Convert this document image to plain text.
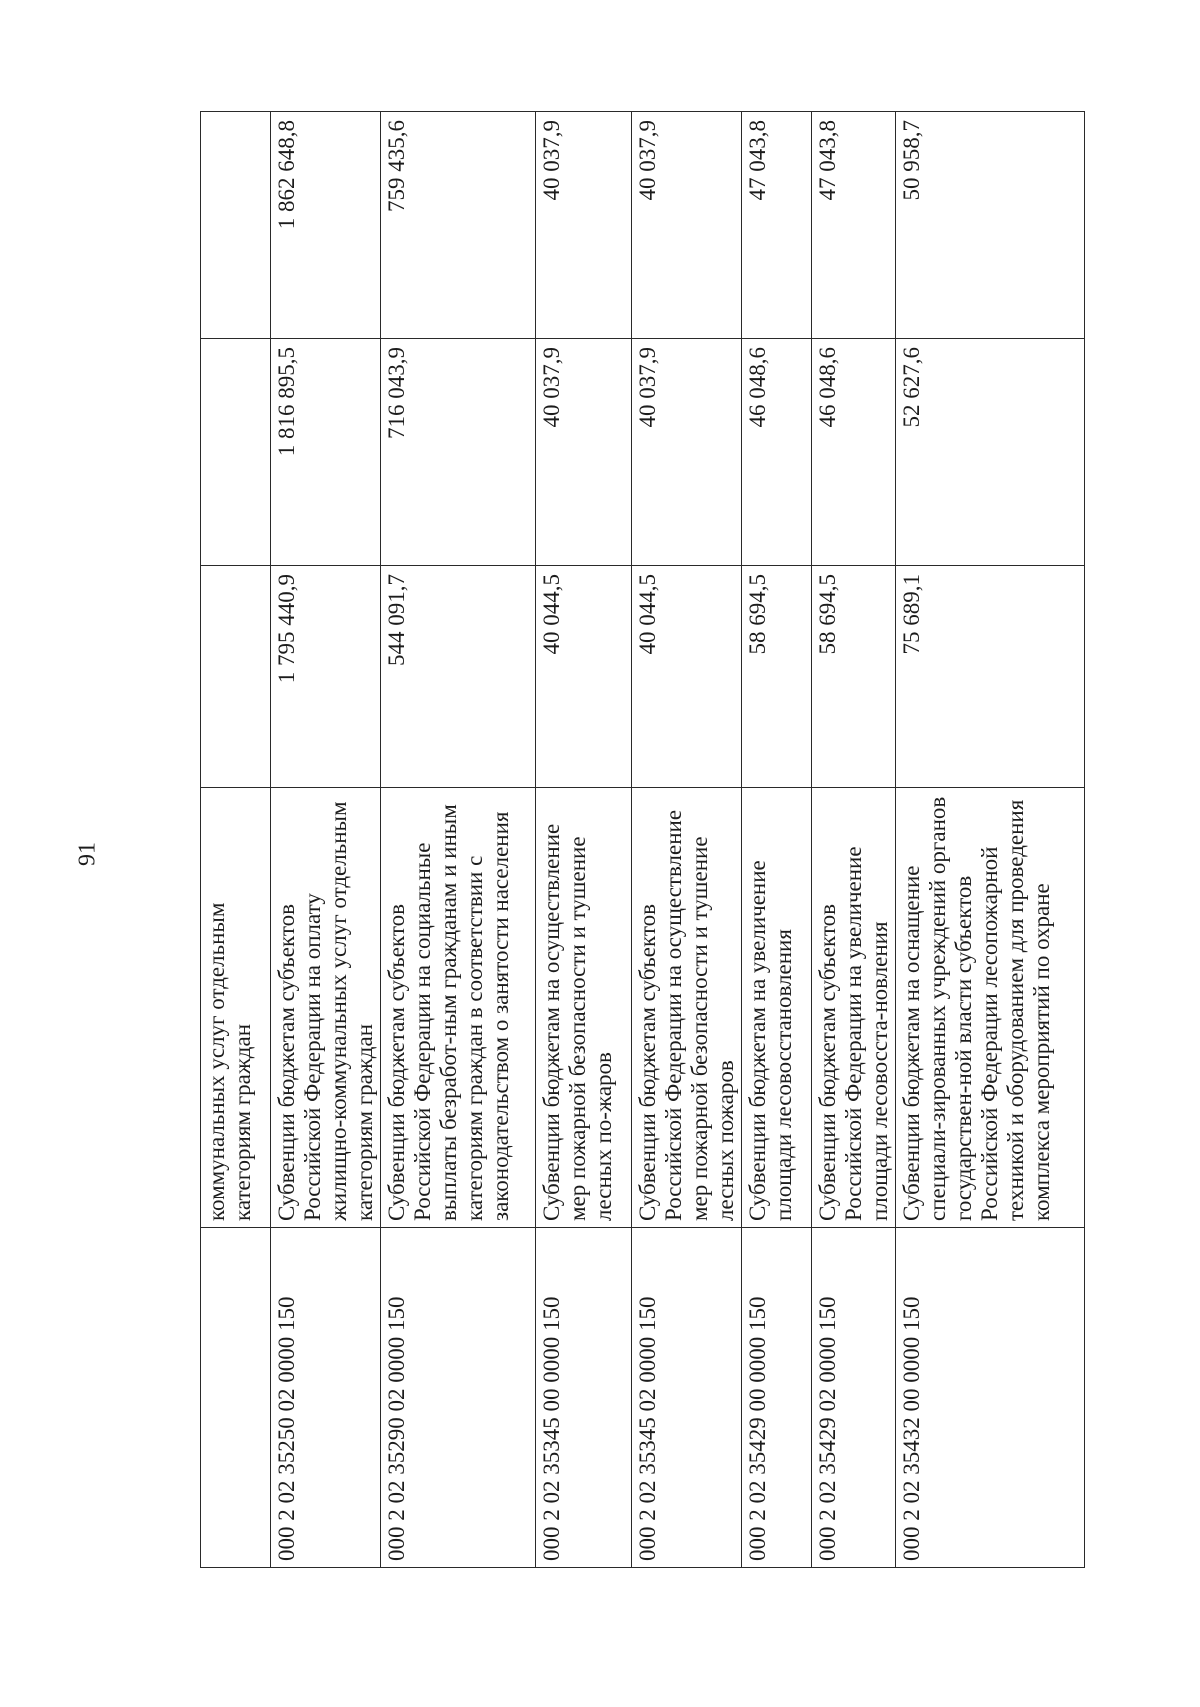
91
	коммунальных услуг отдельным категориям граждан			
000 2 02 35250 02 0000 150	Субвенции бюджетам субъектов Российской Федерации на оплату жилищно-коммунальных услуг отдельным категориям граждан	1 795 440,9	1 816 895,5	1 862 648,8
000 2 02 35290 02 0000 150	Субвенции бюджетам субъектов Российской Федерации на социальные выплаты безработ-ным гражданам и иным категориям граждан в соответствии с законодательством о занятости населения	544 091,7	716 043,9	759 435,6
000 2 02 35345 00 0000 150	Субвенции бюджетам на осуществление мер пожарной безопасности и тушение лесных по-жаров	40 044,5	40 037,9	40 037,9
000 2 02 35345 02 0000 150	Субвенции бюджетам субъектов Российской Федерации на осуществление мер пожарной безопасности и тушение лесных пожаров	40 044,5	40 037,9	40 037,9
000 2 02 35429 00 0000 150	Субвенции бюджетам на увеличение площади лесовосстановления	58 694,5	46 048,6	47 043,8
000 2 02 35429 02 0000 150	Субвенции бюджетам субъектов Российской Федерации на увеличение площади лесовосста-новления	58 694,5	46 048,6	47 043,8
000 2 02 35432 00 0000 150	Субвенции бюджетам на оснащение специали-зированных учреждений органов государствен-ной власти субъектов Российской Федерации лесопожарной техникой и оборудованием для проведения комплекса мероприятий по охране	75 689,1	52 627,6	50 958,7
